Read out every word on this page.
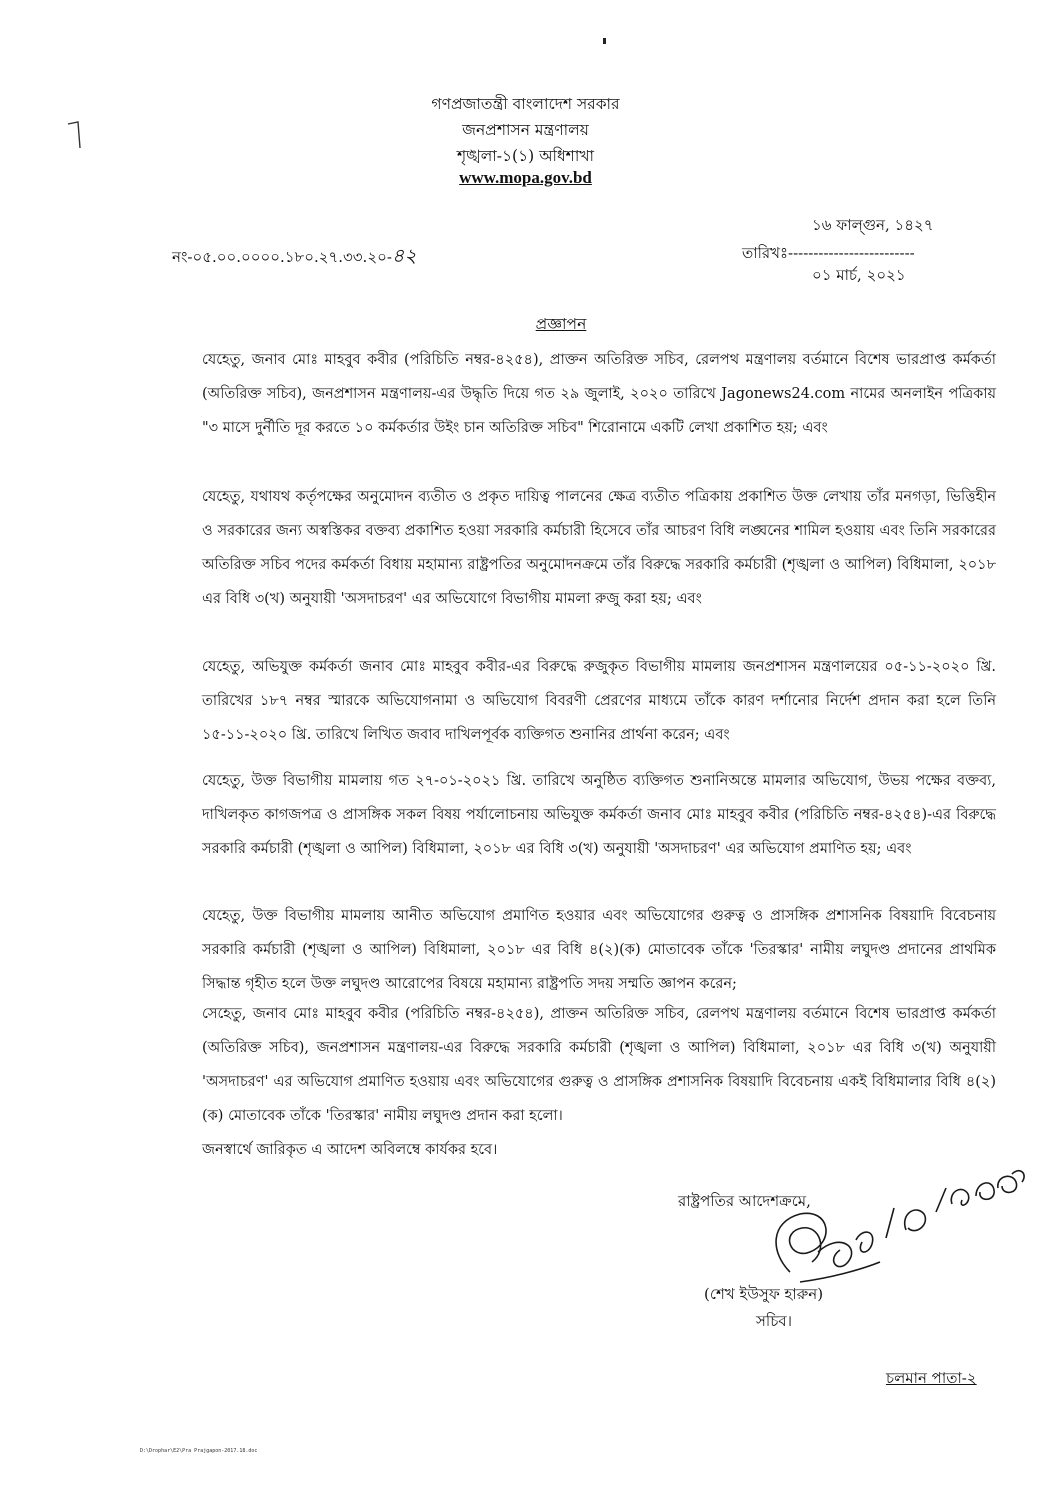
গণপ্রজাতন্ত্রী বাংলাদেশ সরকার
জনপ্রশাসন মন্ত্রণালয়
শৃঙ্খলা-১(১) অধিশাখা
www.mopa.gov.bd
১৬ ফাল্গুন, ১৪২৭
নং-০৫.০০.০০০০.১৮০.২৭.৩৩.২০-৪২	তারিখঃ-------------------------
০১ মার্চ, ২০২১
প্রজ্ঞাপন
যেহেতু, জনাব মোঃ মাহবুব কবীর (পরিচিতি নম্বর-৪২৫৪), প্রাক্তন অতিরিক্ত সচিব, রেলপথ মন্ত্রণালয় বর্তমানে বিশেষ ভারপ্রাপ্ত কর্মকর্তা (অতিরিক্ত সচিব), জনপ্রশাসন মন্ত্রণালয়-এর উদ্ধৃতি দিয়ে গত ২৯ জুলাই, ২০২০ তারিখে Jagonews24.com নামের অনলাইন পত্রিকায় "৩ মাসে দুর্নীতি দূর করতে ১০ কর্মকর্তার উইং চান অতিরিক্ত সচিব" শিরোনামে একটি লেখা প্রকাশিত হয়; এবং
যেহেতু, যথাযথ কর্তৃপক্ষের অনুমোদন ব্যতীত ও প্রকৃত দায়িত্ব পালনের ক্ষেত্র ব্যতীত পত্রিকায় প্রকাশিত উক্ত লেখায় তাঁর মনগড়া, ভিত্তিহীন ও সরকারের জন্য অস্বস্তিকর বক্তব্য প্রকাশিত হওয়া সরকারি কর্মচারী হিসেবে তাঁর আচরণ বিধি লঙ্ঘনের শামিল হওয়ায় এবং তিনি সরকারের অতিরিক্ত সচিব পদের কর্মকর্তা বিধায় মহামান্য রাষ্ট্রপতির অনুমোদনক্রমে তাঁর বিরুদ্ধে সরকারি কর্মচারী (শৃঙ্খলা ও আপিল) বিধিমালা, ২০১৮ এর বিধি ৩(খ) অনুযায়ী 'অসদাচরণ' এর অভিযোগে বিভাগীয় মামলা রুজু করা হয়; এবং
যেহেতু, অভিযুক্ত কর্মকর্তা জনাব মোঃ মাহবুব কবীর-এর বিরুদ্ধে রুজুকৃত বিভাগীয় মামলায় জনপ্রশাসন মন্ত্রণালয়ের ০৫-১১-২০২০ খ্রি. তারিখের ১৮৭ নম্বর স্মারকে অভিযোগনামা ও অভিযোগ বিবরণী প্রেরণের মাধ্যমে তাঁকে কারণ দর্শানোর নির্দেশ প্রদান করা হলে তিনি ১৫-১১-২০২০ খ্রি. তারিখে লিখিত জবাব দাখিলপূর্বক ব্যক্তিগত শুনানির প্রার্থনা করেন; এবং
যেহেতু, উক্ত বিভাগীয় মামলায় গত ২৭-০১-২০২১ খ্রি. তারিখে অনুষ্ঠিত ব্যক্তিগত শুনানিঅন্তে মামলার অভিযোগ, উভয় পক্ষের বক্তব্য, দাখিলকৃত কাগজপত্র ও প্রাসঙ্গিক সকল বিষয় পর্যালোচনায় অভিযুক্ত কর্মকর্তা জনাব মোঃ মাহবুব কবীর (পরিচিতি নম্বর-৪২৫৪)-এর বিরুদ্ধে সরকারি কর্মচারী (শৃঙ্খলা ও আপিল) বিধিমালা, ২০১৮ এর বিধি ৩(খ) অনুযায়ী 'অসদাচরণ' এর অভিযোগ প্রমাণিত হয়; এবং
যেহেতু, উক্ত বিভাগীয় মামলায় আনীত অভিযোগ প্রমাণিত হওয়ার এবং অভিযোগের গুরুত্ব ও প্রাসঙ্গিক প্রশাসনিক বিষয়াদি বিবেচনায় সরকারি কর্মচারী (শৃঙ্খলা ও আপিল) বিধিমালা, ২০১৮ এর বিধি ৪(২)(ক) মোতাবেক তাঁকে 'তিরস্কার' নামীয় লঘুদণ্ড প্রদানের প্রাথমিক সিদ্ধান্ত গৃহীত হলে উক্ত লঘুদণ্ড আরোপের বিষয়ে মহামান্য রাষ্ট্রপতি সদয় সম্মতি জ্ঞাপন করেন;
সেহেতু, জনাব মোঃ মাহবুব কবীর (পরিচিতি নম্বর-৪২৫৪), প্রাক্তন অতিরিক্ত সচিব, রেলপথ মন্ত্রণালয় বর্তমানে বিশেষ ভারপ্রাপ্ত কর্মকর্তা (অতিরিক্ত সচিব), জনপ্রশাসন মন্ত্রণালয়-এর বিরুদ্ধে সরকারি কর্মচারী (শৃঙ্খলা ও আপিল) বিধিমালা, ২০১৮ এর বিধি ৩(খ) অনুযায়ী 'অসদাচরণ' এর অভিযোগ প্রমাণিত হওয়ায় এবং অভিযোগের গুরুত্ব ও প্রাসঙ্গিক প্রশাসনিক বিষয়াদি বিবেচনায় একই বিধিমালার বিধি ৪(২)(ক) মোতাবেক তাঁকে 'তিরস্কার' নামীয় লঘুদণ্ড প্রদান করা হলো।
জনস্বার্থে জারিকৃত এ আদেশ অবিলম্বে কার্যকর হবে।
রাষ্ট্রপতির আদেশক্রমে,
(শেখ ইউসুফ হারুন)
সচিব।
চলমান পাতা-২
D:\Drophar\E2\Pra Prajgapon-2017.18.doc
